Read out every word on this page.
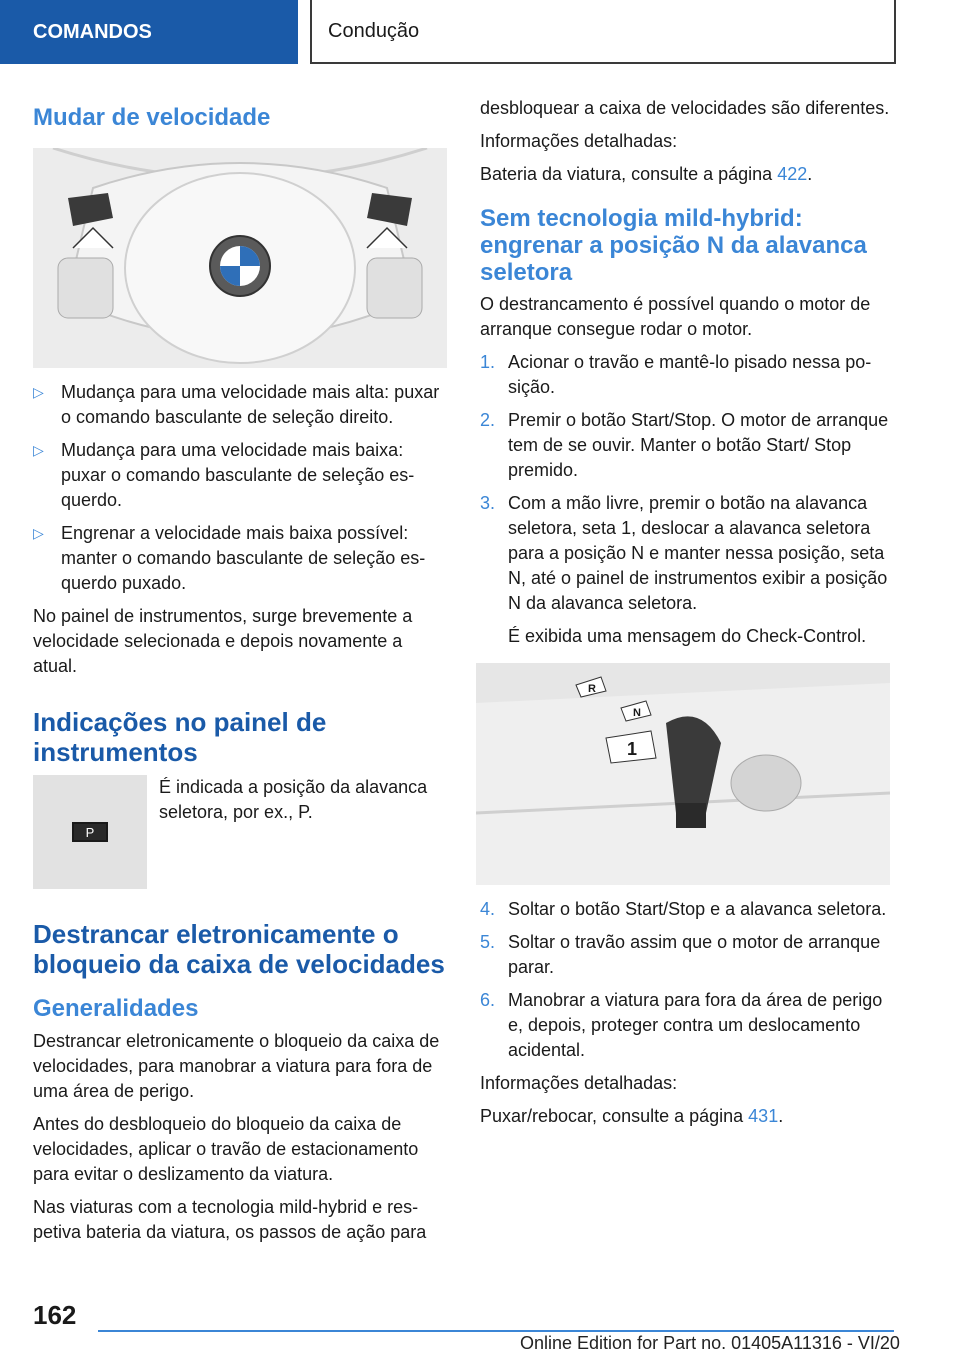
COMANDOS	Condução
Mudar de velocidade
▷ Mudança para uma velocidade mais alta: puxar o comando basculante de seleção direito.
▷ Mudança para uma velocidade mais baixa: puxar o comando basculante de seleção esquerdo.
▷ Engrenar a velocidade mais baixa possível: manter o comando basculante de seleção esquerdo puxado.

No painel de instrumentos, surge brevemente a velocidade selecionada e depois novamente a atual.

Indicações no painel de instrumentos
P
É indicada a posição da alavanca seletora, por ex., P.
Destrancar eletronicamente o bloqueio da caixa de velocidades
Generalidades

Destrancar eletronicamente o bloqueio da caixa de velocidades, para manobrar a viatura para fora de uma área de perigo.

Antes do desbloqueio do bloqueio da caixa de velocidades, aplicar o travão de estacionamento para evitar o deslizamento da viatura.

Nas viaturas com a tecnologia mild-hybrid e respetiva bateria da viatura, os passos de ação para

desbloquear a caixa de velocidades são diferentes.

Informações detalhadas:

Bateria da viatura, consulte a página 422.

Sem tecnologia mild-hybrid: engrenar a posição N da alavanca seletora

O destrancamento é possível quando o motor de arranque consegue rodar o motor.

1. Acionar o travão e mantê-lo pisado nessa posição.
2. Premir o botão Start/Stop. O motor de arranque tem de se ouvir. Manter o botão Start/ Stop premido.
3. Com a mão livre, premir o botão na alavanca seletora, seta 1, deslocar a alavanca seletora para a posição N e manter nessa posição, seta N, até o painel de instrumentos exibir a posição N da alavanca seletora.

É exibida uma mensagem do Check-Control.

R
N
1
4. Soltar o botão Start/Stop e a alavanca seletora.
5. Soltar o travão assim que o motor de arranque parar.
6. Manobrar a viatura para fora da área de perigo e, depois, proteger contra um deslocamento acidental.

Informações detalhadas:

Puxar/rebocar, consulte a página 431.

162
Online Edition for Part no. 01405A11316 - VI/20
